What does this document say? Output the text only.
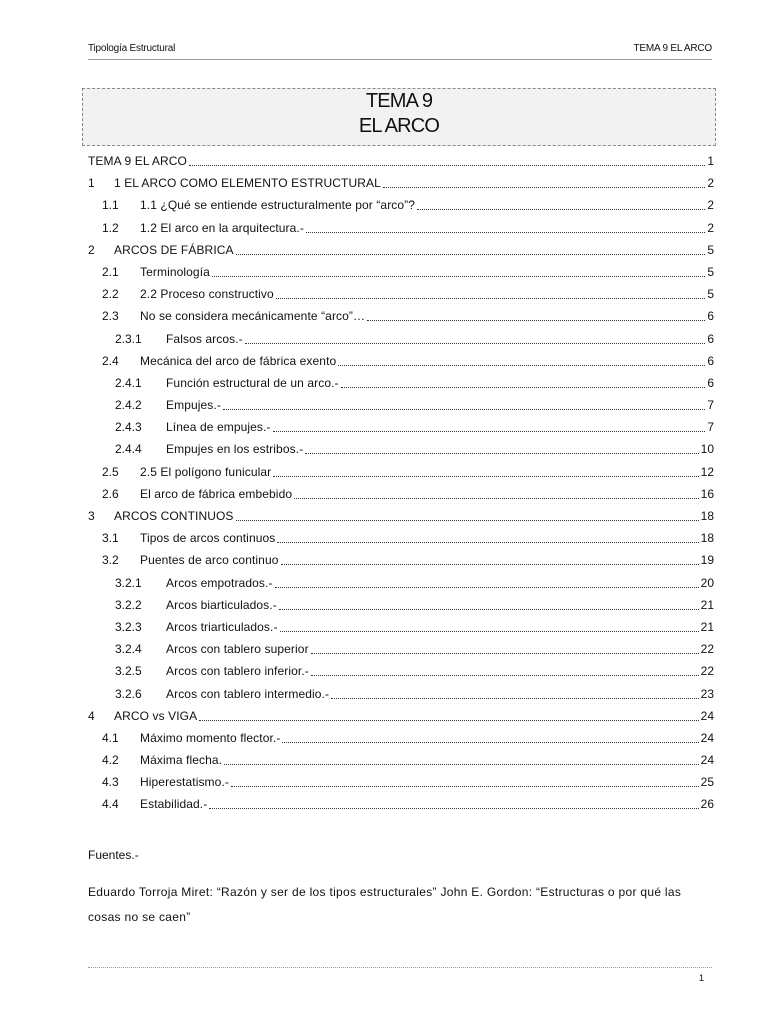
Tipología Estructural	TEMA 9 EL ARCO
TEMA 9
EL ARCO
TEMA 9 EL ARCO	1
1 1 EL ARCO COMO ELEMENTO ESTRUCTURAL	2
1.1 1.1 ¿Qué se entiende estructuralmente por “arco”?	2
1.2 1.2 El arco en la arquitectura.-	2
2 ARCOS DE FÁBRICA	5
2.1 Terminología	5
2.2 2.2 Proceso constructivo	5
2.3 No se considera mecánicamente “arco”…	6
2.3.1 Falsos arcos.-	6
2.4 Mecánica del arco de fábrica exento	6
2.4.1 Función estructural de un arco.-	6
2.4.2 Empujes.-	7
2.4.3 Línea de empujes.-	7
2.4.4 Empujes en los estribos.-	10
2.5 2.5 El polígono funicular	12
2.6 El arco de fábrica embebido	16
3 ARCOS CONTINUOS	18
3.1 Tipos de arcos continuos	18
3.2 Puentes de arco continuo	19
3.2.1 Arcos empotrados.-	20
3.2.2 Arcos biarticulados.-	21
3.2.3 Arcos triarticulados.-	21
3.2.4 Arcos con tablero superior	22
3.2.5 Arcos con tablero inferior.-	22
3.2.6 Arcos con tablero intermedio.-	23
4 ARCO vs VIGA	24
4.1 Máximo momento flector.-	24
4.2 Máxima flecha.	24
4.3 Hiperestatismo.-	25
4.4 Estabilidad.-	26
Fuentes.-
Eduardo Torroja Miret: “Razón y ser de los tipos estructurales” John E. Gordon: “Estructuras o por qué las cosas no se caen”
1
